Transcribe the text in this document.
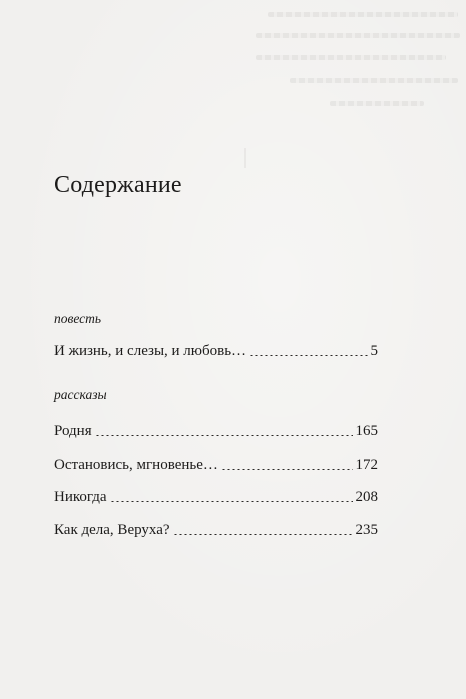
Содержание
повесть
И жизнь, и слезы, и любовь…	5
рассказы
Родня	165
Остановись, мгновенье…	172
Никогда	208
Как дела, Веруха?	235
